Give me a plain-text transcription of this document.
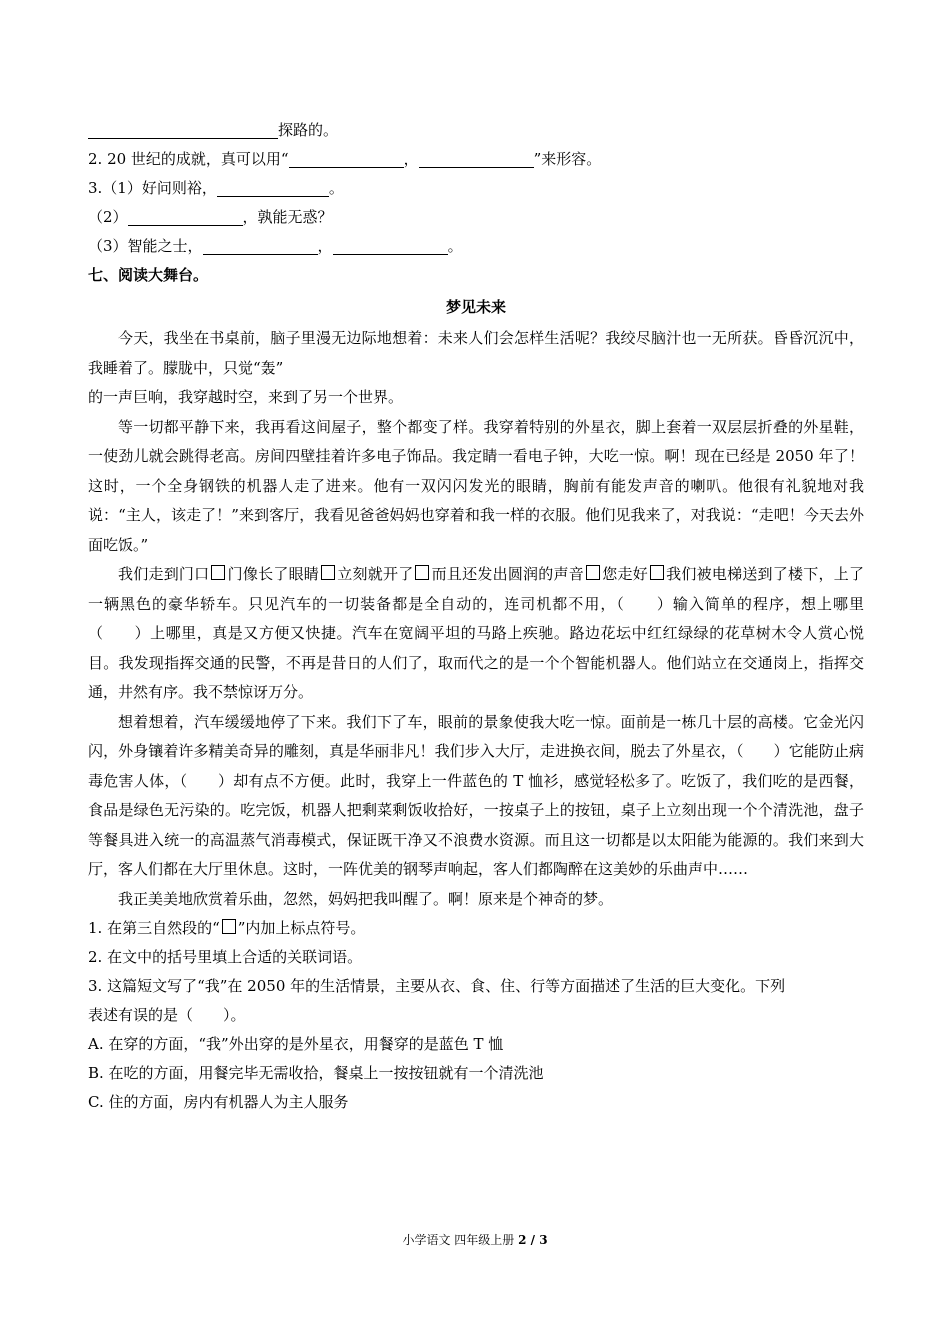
探路的。
2. 20 世纪的成就，真可以用“	，	”来形容。
3.（1）好问则裕，	。
（2）	，孰能无惑？
（3）智能之士，	，	。
七、阅读大舞台。
梦见未来

今天，我坐在书桌前，脑子里漫无边际地想着：未来人们会怎样生活呢？我绞尽脑汁也一无所获。昏昏沉沉中，我睡着了。朦胧中，只觉“轰”

的一声巨响，我穿越时空，来到了另一个世界。

等一切都平静下来，我再看这间屋子，整个都变了样。我穿着特别的外星衣，脚上套着一双层层折叠的外星鞋，一使劲儿就会跳得老高。房间四壁挂着许多电子饰品。我定睛一看电子钟，大吃一惊。啊！现在已经是 2050 年了！这时，一个全身钢铁的机器人走了进来。他有一双闪闪发光的眼睛，胸前有能发声音的喇叭。他很有礼貌地对我说：“主人，该走了！”来到客厅，我看见爸爸妈妈也穿着和我一样的衣服。他们见我来了，对我说：“走吧！今天去外面吃饭。”

我们走到门口 门像长了眼睛 立刻就开了 而且还发出圆润的声音 您走好 我们被电梯送到了楼下，上了一辆黑色的豪华轿车。只见汽车的一切装备都是全自动的，连司机都不用，（　　）输入简单的程序，想上哪里（　　）上哪里，真是又方便又快捷。汽车在宽阔平坦的马路上疾驰。路边花坛中红红绿绿的花草树木令人赏心悦目。我发现指挥交通的民警，不再是昔日的人们了，取而代之的是一个个智能机器人。他们站立在交通岗上，指挥交通，井然有序。我不禁惊讶万分。

想着想着，汽车缓缓地停了下来。我们下了车，眼前的景象使我大吃一惊。面前是一栋几十层的高楼。它金光闪闪，外身镶着许多精美奇异的雕刻，真是华丽非凡！我们步入大厅，走进换衣间，脱去了外星衣，（　　）它能防止病毒危害人体，（　　）却有点不方便。此时，我穿上一件蓝色的 T 恤衫，感觉轻松多了。吃饭了，我们吃的是西餐，食品是绿色无污染的。吃完饭，机器人把剩菜剩饭收拾好，一按桌子上的按钮，桌子上立刻出现一个个清洗池，盘子等餐具进入统一的高温蒸气消毒模式，保证既干净又不浪费水资源。而且这一切都是以太阳能为能源的。我们来到大厅，客人们都在大厅里休息。这时，一阵优美的钢琴声响起，客人们都陶醉在这美妙的乐曲声中……

我正美美地欣赏着乐曲，忽然，妈妈把我叫醒了。啊！原来是个神奇的梦。

1. 在第三自然段的“ ”内加上标点符号。
2. 在文中的括号里填上合适的关联词语。
3. 这篇短文写了“我”在 2050 年的生活情景，主要从衣、食、住、行等方面描述了生活的巨大变化。下列
表述有误的是（　　）。
A. 在穿的方面，“我”外出穿的是外星衣，用餐穿的是蓝色 T 恤
B. 在吃的方面，用餐完毕无需收拾，餐桌上一按按钮就有一个清洗池
C. 住的方面，房内有机器人为主人服务
小学语文 四年级上册 2 / 3
